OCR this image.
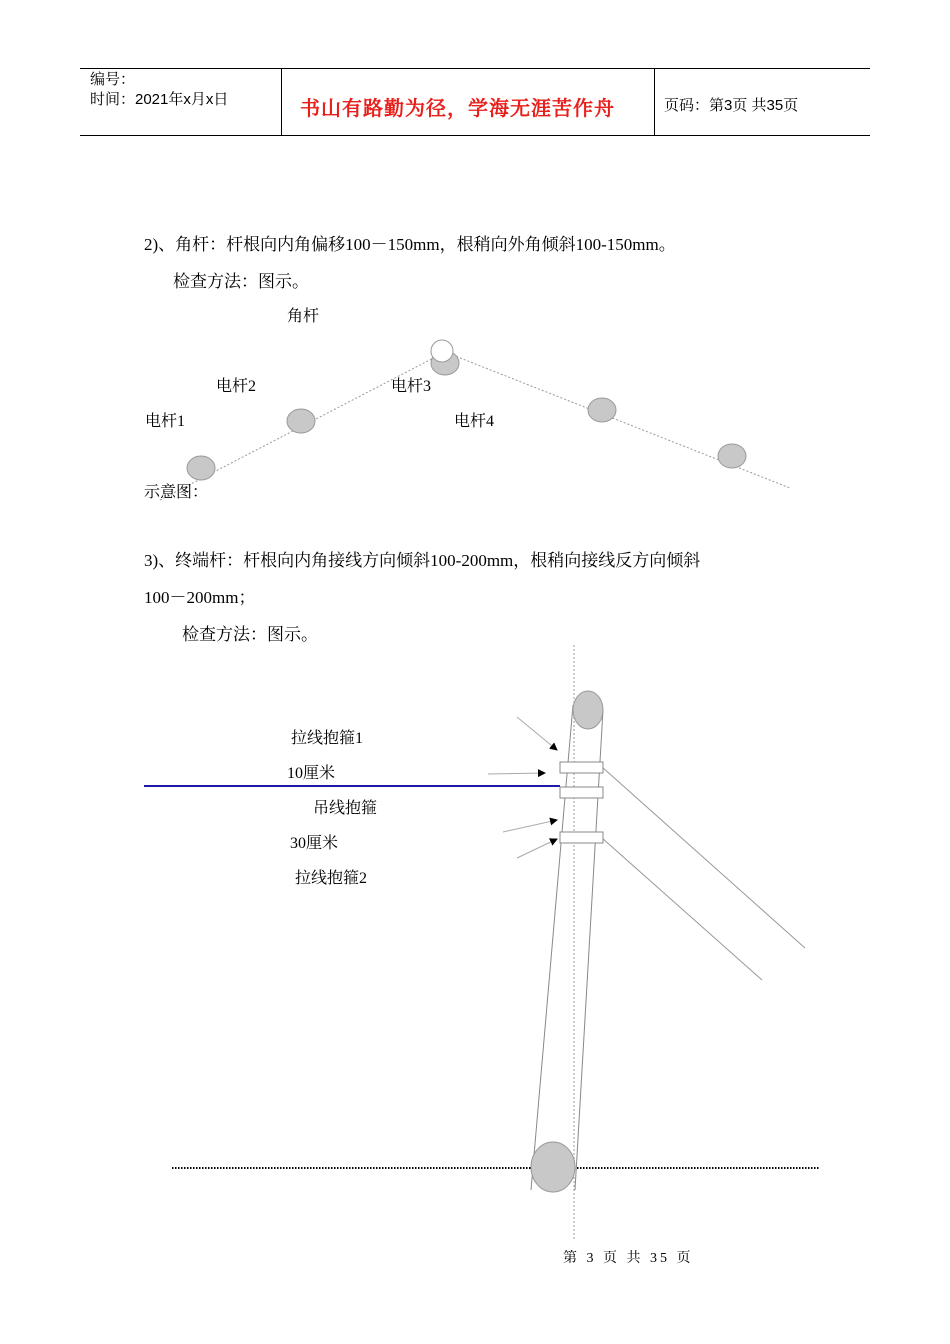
编号：
时间：2021年x月x日	书山有路勤为径，学海无涯苦作舟	页码：第3页 共35页
2)、角杆：杆根向内角偏移100－150mm，根稍向外角倾斜100-150mm。
检查方法：图示。
角杆
电杆1
电杆2	电杆3
电杆4
示意图：
3)、终端杆：杆根向内角接线方向倾斜100-200mm，根稍向接线反方向倾斜
100－200mm；
检查方法：图示。
拉线抱箍1
10厘米
吊线抱箍
30厘米
拉线抱箍2
第 3 页 共 35 页
